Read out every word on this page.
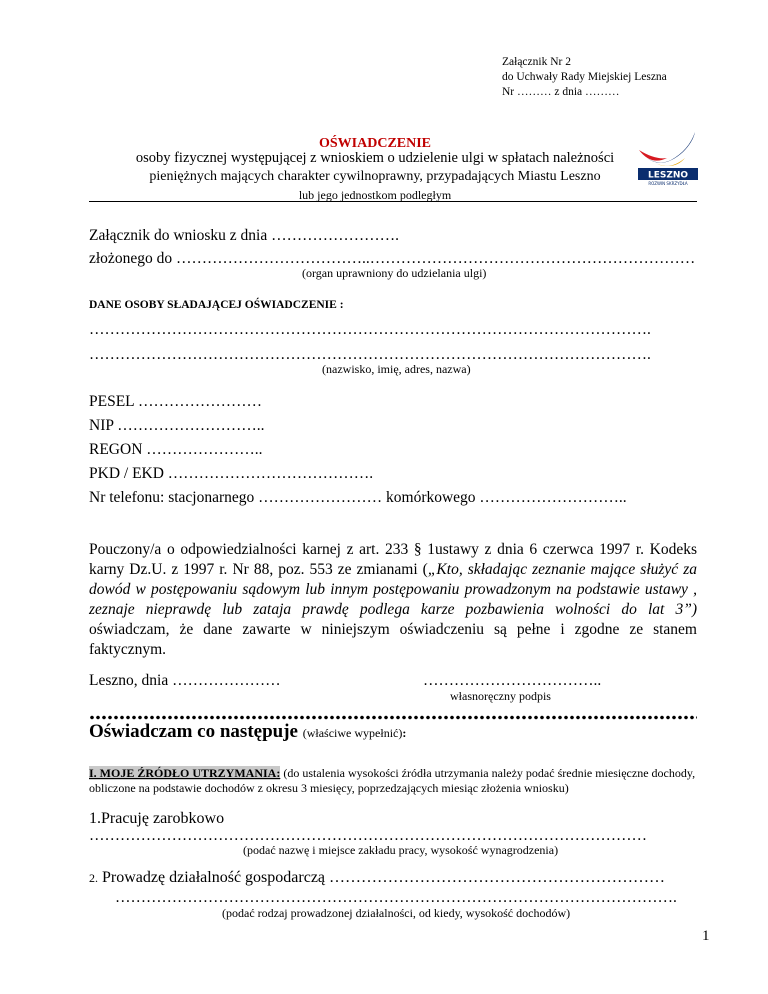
Załącznik Nr 2
do Uchwały Rady Miejskiej Leszna
Nr ……… z dnia ………
OŚWIADCZENIE
osoby fizycznej występującej z wnioskiem o udzielenie ulgi w spłatach należności
pieniężnych mających charakter cywilnoprawny, przypadających Miastu Leszno
lub jego jednostkom podległym
LESZNO
ROZWIN SKRZYDŁA
Załącznik do wniosku z dnia …………………….
złożonego do ………………………………..………………………………………………………
(organ uprawniony do udzielania ulgi)
DANE OSOBY SŁADAJĄCEJ OŚWIADCZENIE :
……………………………………………………………………………………………….
……………………………………………………………………………………………….
(nazwisko, imię, adres, nazwa)
PESEL ……………………
NIP ………………………..
REGON …………………..
PKD / EKD ………………………………….
Nr telefonu: stacjonarnego …………………… komórkowego ………………………..
Pouczony/a o odpowiedzialności karnej z art. 233 § 1ustawy z dnia 6 czerwca 1997 r. Kodeks karny Dz.U. z 1997 r. Nr 88, poz. 553 ze zmianami („Kto, składając zeznanie mające służyć za dowód w postępowaniu sądowym lub innym postępowaniu prowadzonym na podstawie ustawy , zeznaje nieprawdę lub zataja prawdę podlega karze pozbawienia wolności do lat 3”) oświadczam, że dane zawarte w niniejszym oświadczeniu są pełne i zgodne ze stanem faktycznym.
Leszno, dnia …………………	……………………………..
własnoręczny podpis
Oświadczam co następuje (właściwe wypełnić):
I. MOJE ŹRÓDŁO UTRZYMANIA: (do ustalenia wysokości źródła utrzymania należy podać średnie miesięczne dochody, obliczone na podstawie dochodów z okresu 3 miesięcy, poprzedzających miesiąc złożenia wniosku)
1.Pracuję zarobkowo
………………………………………………………………………………………………
(podać nazwę i miejsce zakładu pracy, wysokość wynagrodzenia)
2. Prowadzę działalność gospodarczą ………………………………………………………
……………………………………………………………………………………………….
(podać rodzaj prowadzonej działalności, od kiedy, wysokość dochodów)
1
